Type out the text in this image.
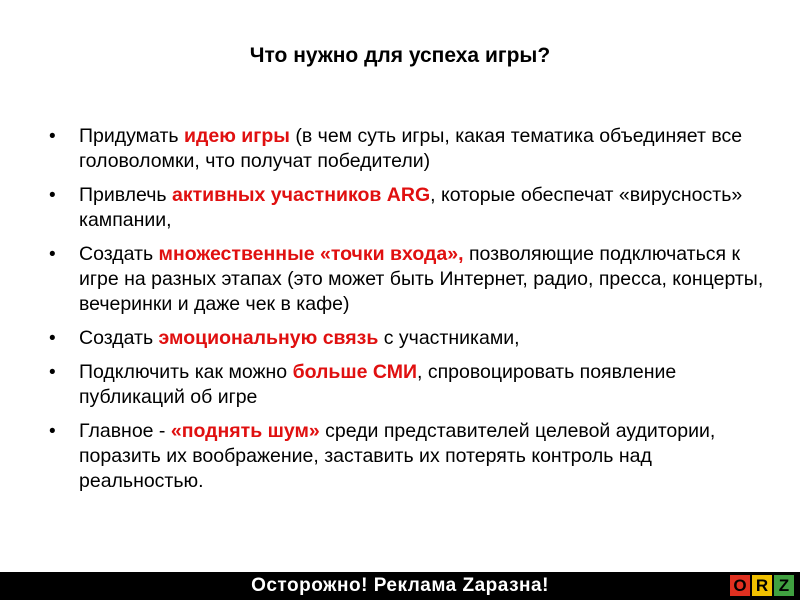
Что нужно для успеха игры?
• Придумать идею игры (в чем суть игры, какая тематика объединяет все головоломки, что получат победители)
• Привлечь активных участников ARG, которые обеспечат «вирусность» кампании,
• Создать множественные «точки входа», позволяющие подключаться к игре на разных этапах (это может быть Интернет, радио, пресса, концерты, вечеринки и даже чек в кафе)
• Создать эмоциональную связь с участниками,
• Подключить как можно больше СМИ, спровоцировать появление публикаций об игре
• Главное - «поднять шум» среди представителей целевой аудитории, поразить их воображение, заставить их потерять контроль над реальностью.
Осторожно! Реклама Zаразна!	O R Z
